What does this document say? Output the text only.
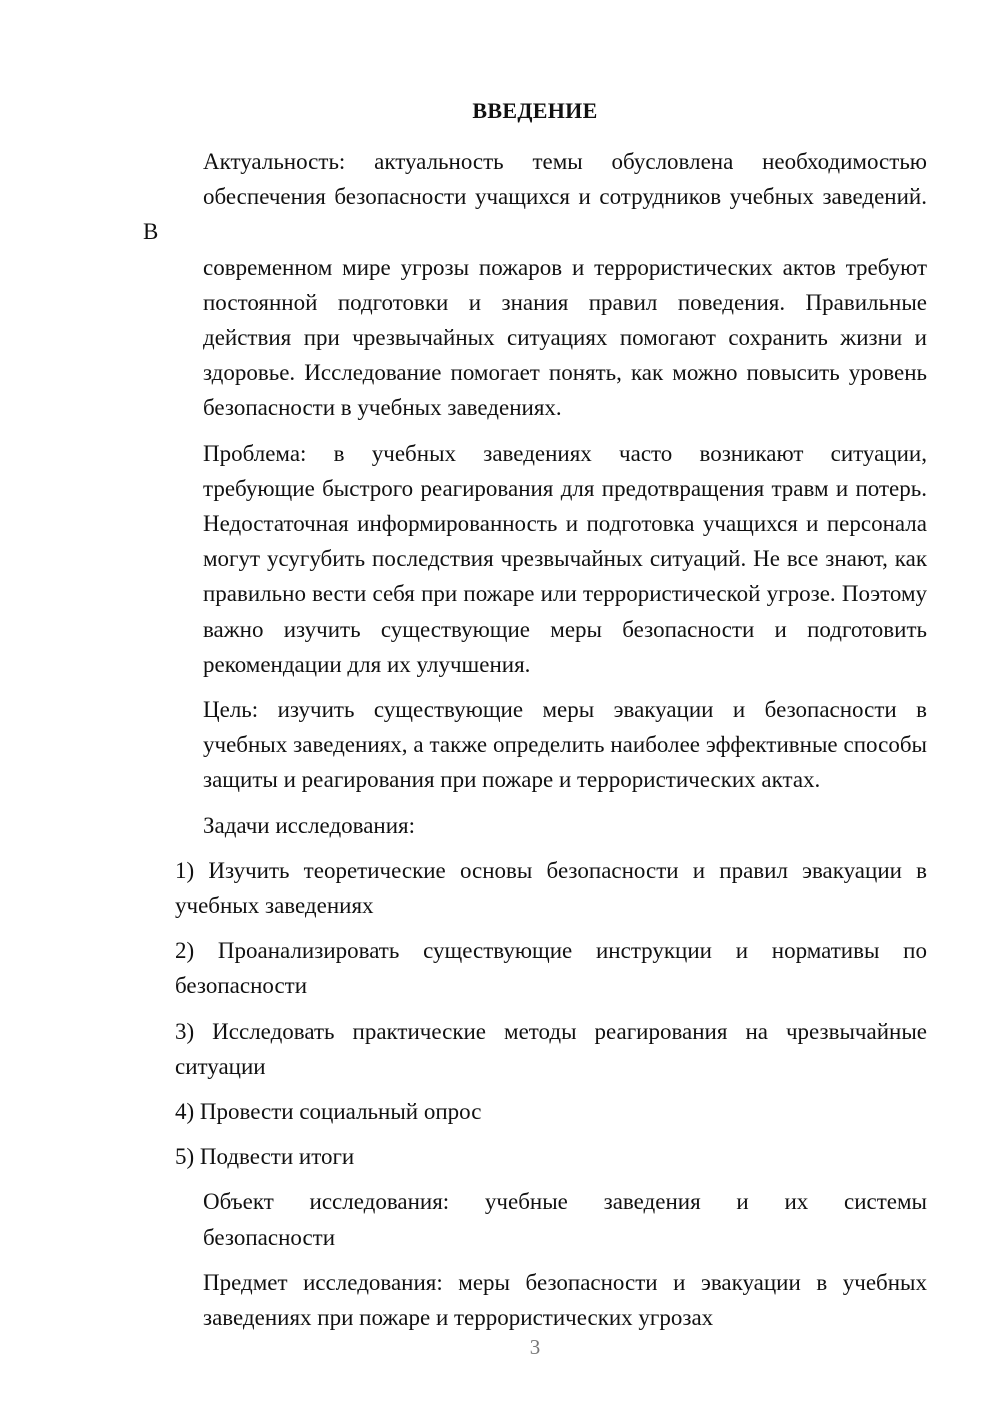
ВВЕДЕНИЕ
Актуальность: актуальность темы обусловлена необходимостью
обеспечения безопасности учащихся и сотрудников учебных заведений. В
современном мире угрозы пожаров и террористических актов требуют
постоянной подготовки и знания правил поведения. Правильные
действия при чрезвычайных ситуациях помогают сохранить жизни и
здоровье. Исследование помогает понять, как можно повысить уровень
безопасности в учебных заведениях.
Проблема: в учебных заведениях часто возникают ситуации,
требующие быстрого реагирования для предотвращения травм и потерь.
Недостаточная информированность и подготовка учащихся и персонала
могут усугубить последствия чрезвычайных ситуаций. Не все знают, как
правильно вести себя при пожаре или террористической угрозе. Поэтому
важно изучить существующие меры безопасности и подготовить
рекомендации для их улучшения.
Цель: изучить существующие меры эвакуации и безопасности в
учебных заведениях, а также определить наиболее эффективные способы
защиты и реагирования при пожаре и террористических актах.
Задачи исследования:
1) Изучить теоретические основы безопасности и правил эвакуации в
учебных заведениях
2) Проанализировать существующие инструкции и нормативы по
безопасности
3) Исследовать практические методы реагирования на чрезвычайные
ситуации
4) Провести социальный опрос
5) Подвести итоги
Объект исследования: учебные заведения и их системы
безопасности
Предмет исследования: меры безопасности и эвакуации в учебных
заведениях при пожаре и террористических угрозах
3
